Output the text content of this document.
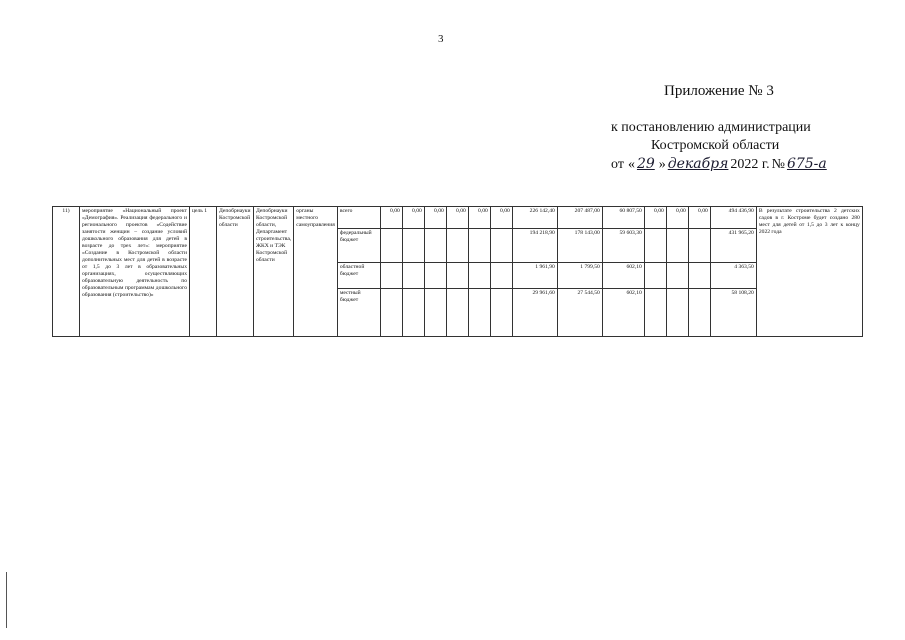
3
Приложение № 3
к постановлению администрации
Костромской области
от « 29 » декабря 2022 г. № 675-а
11)	мероприятие «Национальный проект «Демография». Реализация федерального и регионального проектов «Содействие занятости женщин – создание условий дошкольного образования для детей в возрасте до трех лет»: мероприятие «Создание в Костромской области дополнительных мест для детей в возрасте от 1,5 до 3 лет в образовательных организациях, осуществляющих образовательную деятельность по образовательным программам дошкольного образования (строительство)»	цель 1	Депобрнауки Костромской области	Депобрнауки Костромской области, Департамент строительства, ЖКХ и ТЭК Костромской области	органы местного самоуправления	всего	0,00	0,00	0,00	0,00	0,00	0,00	226 142,40	207 487,00	60 807,50	0,00	0,00	0,00	494 436,90	В результате строительства 2 детских садов в г. Костроме будет создано 280 мест для детей от 1,5 до 3 лет к концу 2022 года
						федеральный бюджет							194 218,90	178 143,00	59 603,30				431 965,20	
						областной бюджет							1 961,90	1 799,50	602,10				4 363,50	
						местный бюджет							29 961,60	27 544,50	602,10				58 108,20	
